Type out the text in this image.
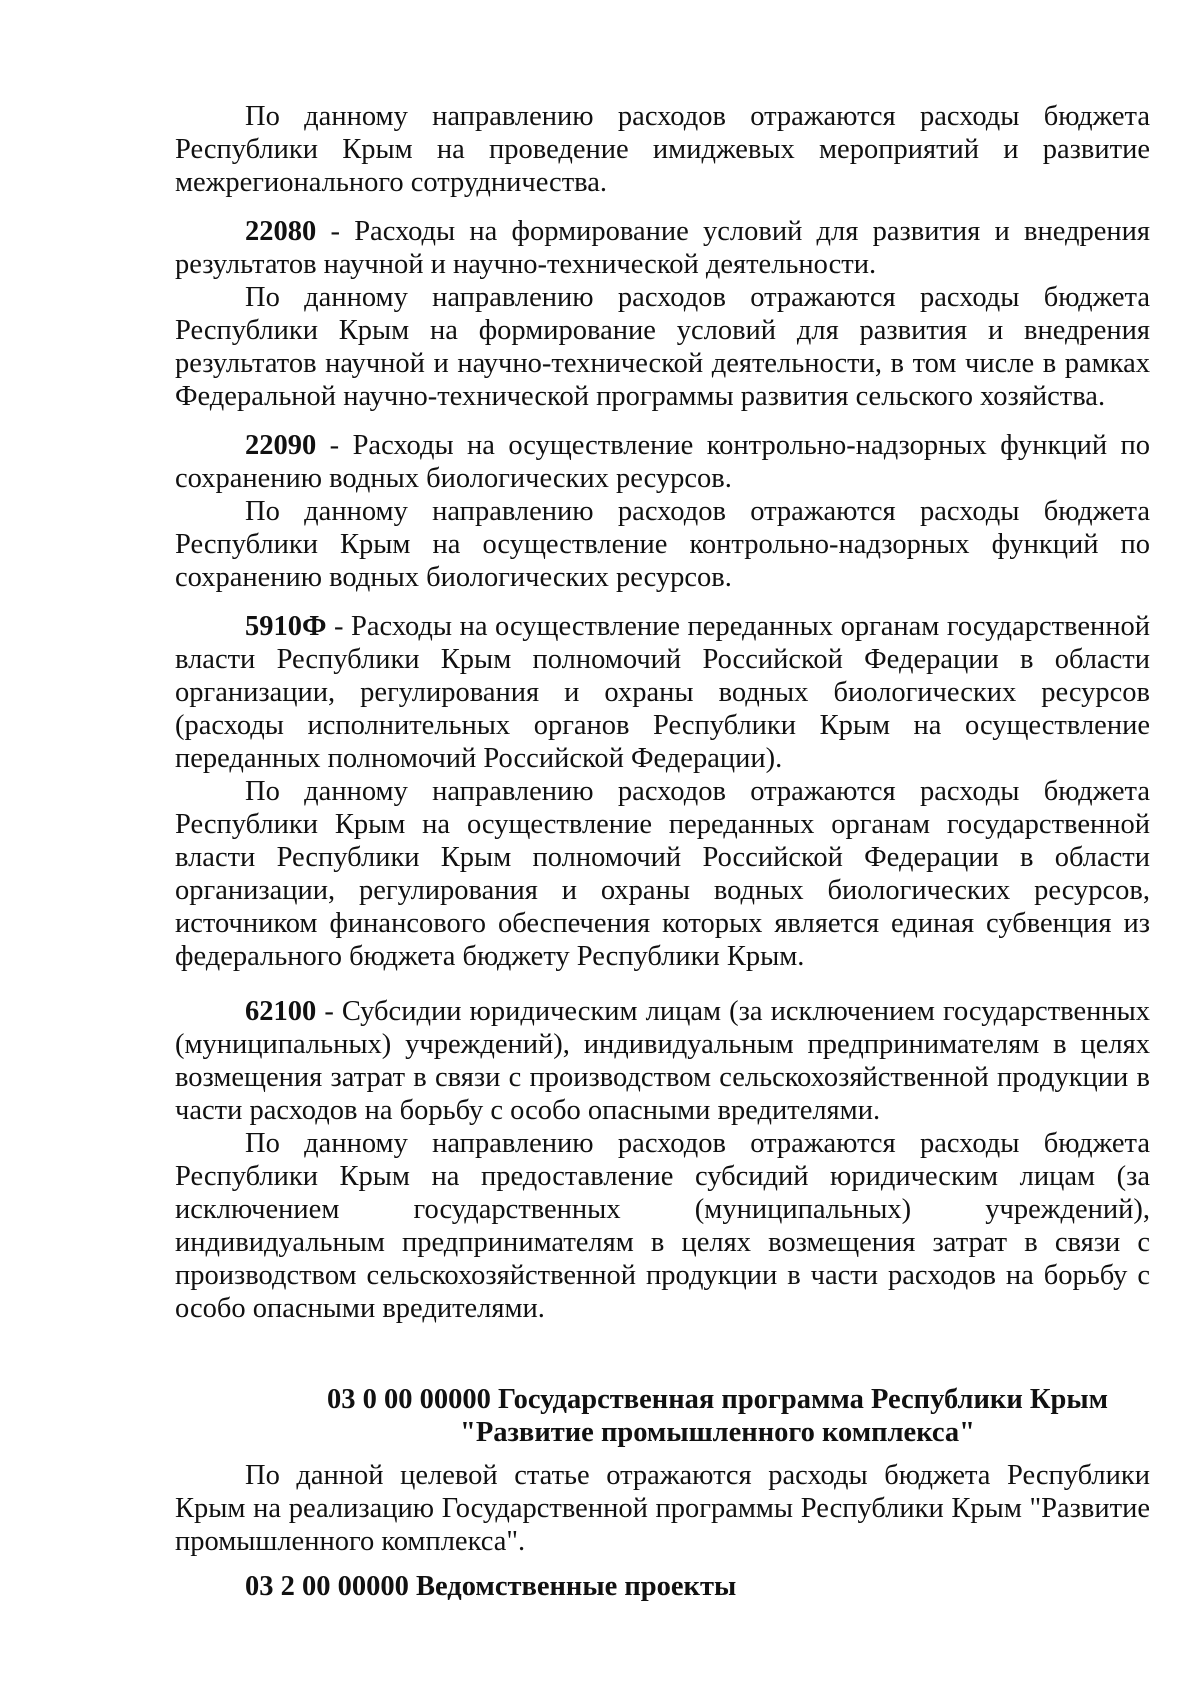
По данному направлению расходов отражаются расходы бюджета Республики Крым на проведение имиджевых мероприятий и развитие межрегионального сотрудничества.

22080 - Расходы на формирование условий для развития и внедрения результатов научной и научно-технической деятельности.

По данному направлению расходов отражаются расходы бюджета Республики Крым на формирование условий для развития и внедрения результатов научной и научно-технической деятельности, в том числе в рамках Федеральной научно-технической программы развития сельского хозяйства.

22090 - Расходы на осуществление контрольно-надзорных функций по сохранению водных биологических ресурсов.

По данному направлению расходов отражаются расходы бюджета Республики Крым на осуществление контрольно-надзорных функций по сохранению водных биологических ресурсов.

5910Ф - Расходы на осуществление переданных органам государственной власти Республики Крым полномочий Российской Федерации в области организации, регулирования и охраны водных биологических ресурсов (расходы исполнительных органов Республики Крым на осуществление переданных полномочий Российской Федерации).

По данному направлению расходов отражаются расходы бюджета Республики Крым на осуществление переданных органам государственной власти Республики Крым полномочий Российской Федерации в области организации, регулирования и охраны водных биологических ресурсов, источником финансового обеспечения которых является единая субвенция из федерального бюджета бюджету Республики Крым.

62100 - Субсидии юридическим лицам (за исключением государственных (муниципальных) учреждений), индивидуальным предпринимателям в целях возмещения затрат в связи с производством сельскохозяйственной продукции в части расходов на борьбу с особо опасными вредителями.

По данному направлению расходов отражаются расходы бюджета Республики Крым на предоставление субсидий юридическим лицам (за исключением государственных (муниципальных) учреждений), индивидуальным предпринимателям в целях возмещения затрат в связи с производством сельскохозяйственной продукции в части расходов на борьбу с особо опасными вредителями.

03 0 00 00000 Государственная программа Республики Крым
"Развитие промышленного комплекса"

По данной целевой статье отражаются расходы бюджета Республики Крым на реализацию Государственной программы Республики Крым "Развитие промышленного комплекса".

03 2 00 00000 Ведомственные проекты
